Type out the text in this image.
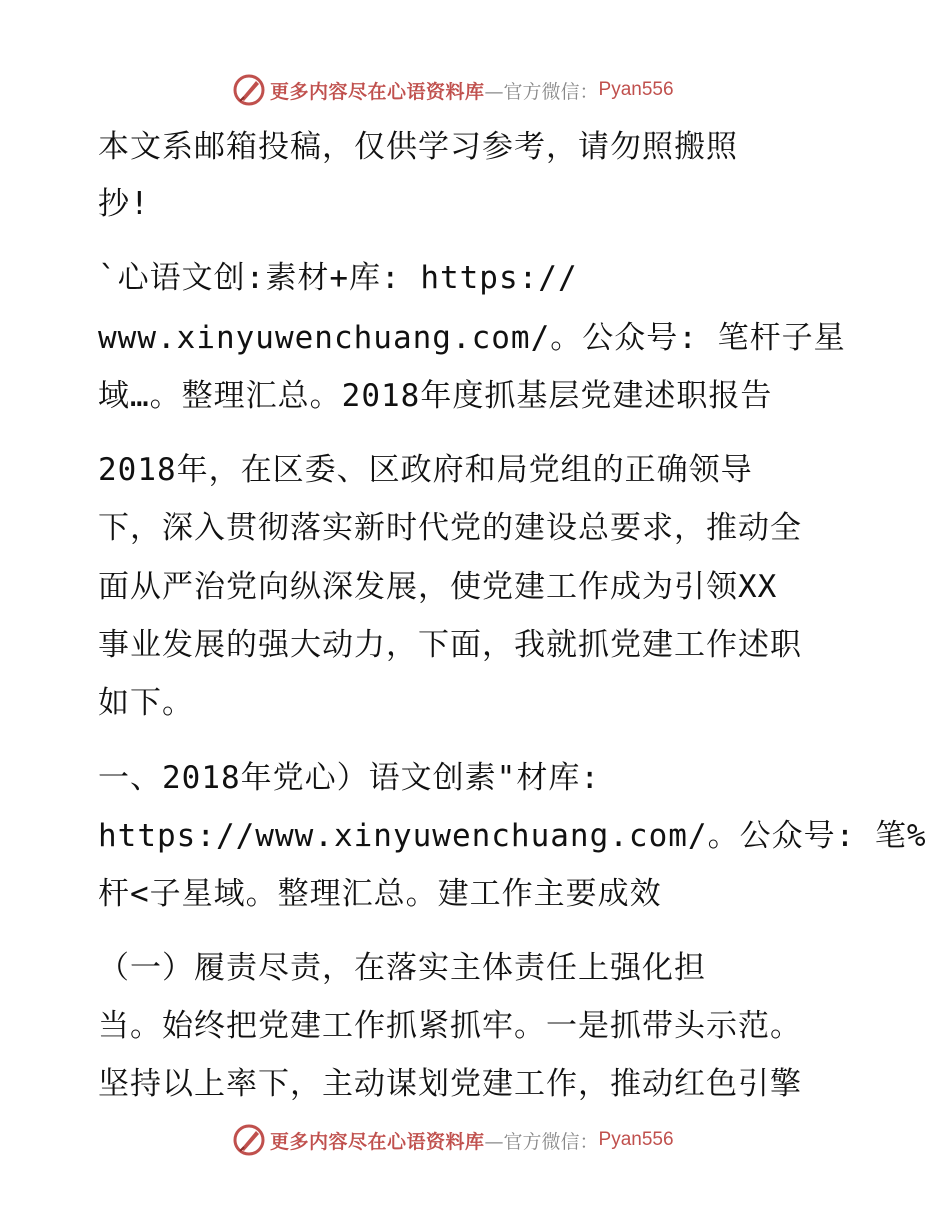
更多内容尽在心语资料库 —官方微信： Pyan556
本文系邮箱投稿，仅供学习参考，请勿照搬照
抄!
`心语文创:素材+库: https://
www.xinyuwenchuang.com/。公众号: 笔杆子星
域…。整理汇总。2018年度抓基层党建述职报告
2018年，在区委、区政府和局党组的正确领导
下，深入贯彻落实新时代党的建设总要求，推动全
面从严治党向纵深发展，使党建工作成为引领XX
事业发展的强大动力，下面，我就抓党建工作述职
如下。
一、2018年党心）语文创素"材库:
https://www.xinyuwenchuang.com/。公众号: 笔%
杆<子星域。整理汇总。建工作主要成效
（一）履责尽责，在落实主体责任上强化担
当。始终把党建工作抓紧抓牢。一是抓带头示范。
坚持以上率下，主动谋划党建工作，推动红色引擎
更多内容尽在心语资料库 —官方微信： Pyan556
